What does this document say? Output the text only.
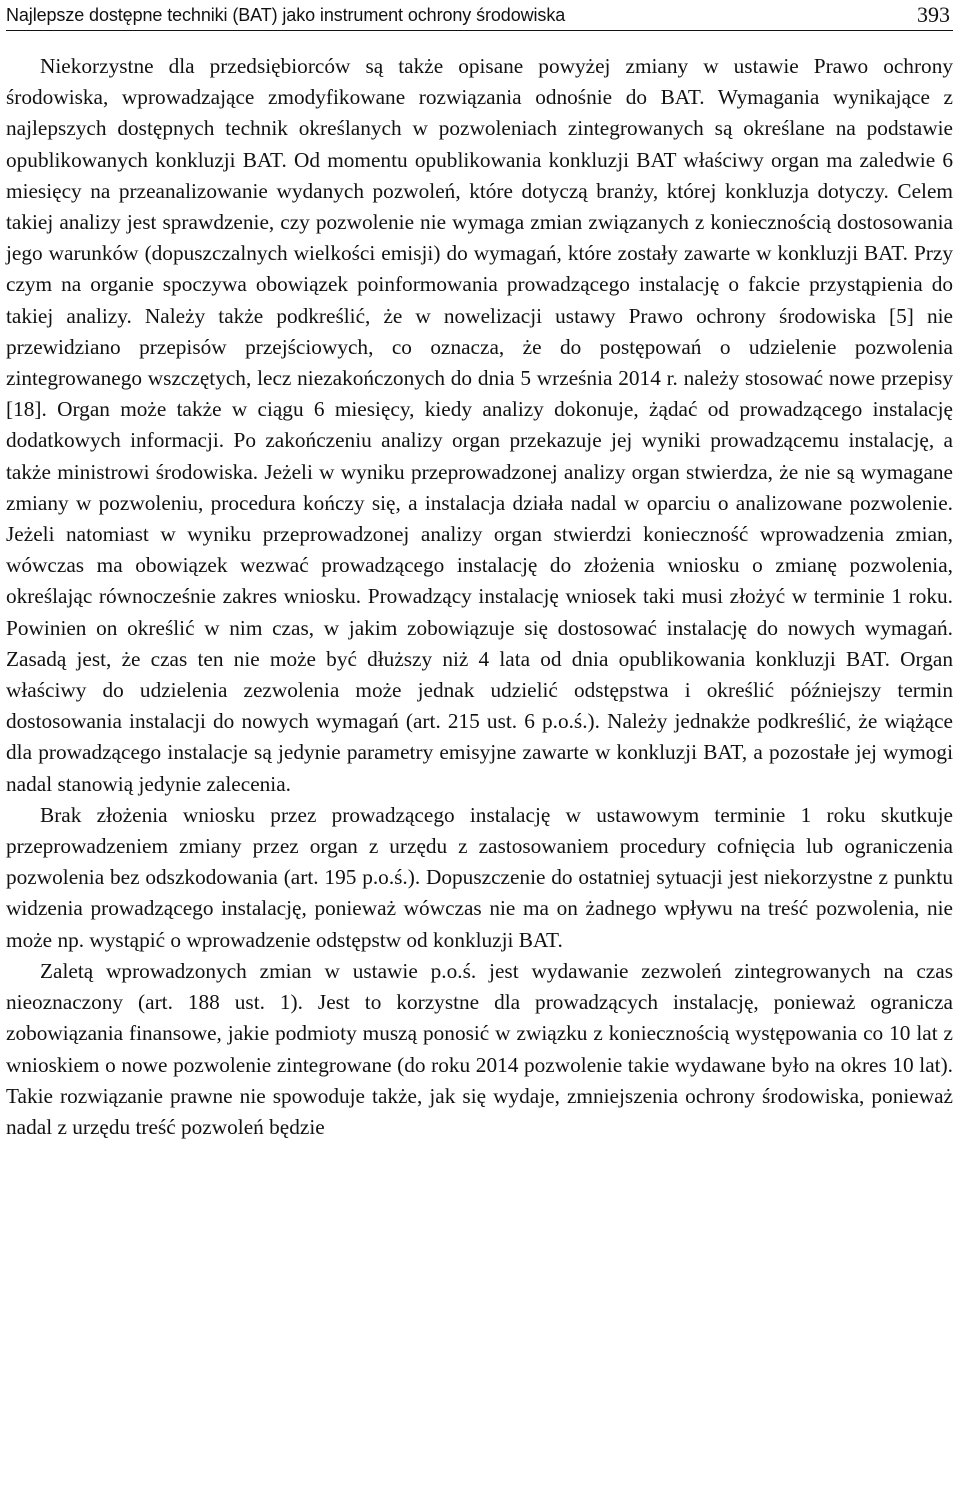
Najlepsze dostępne techniki (BAT) jako instrument ochrony środowiska	393

Niekorzystne dla przedsiębiorców są także opisane powyżej zmiany w ustawie Prawo ochrony środowiska, wprowadzające zmodyfikowane rozwiązania odnośnie do BAT. Wymagania wynikające z najlepszych dostępnych technik określanych w pozwoleniach zintegrowanych są określane na podstawie opublikowanych konkluzji BAT. Od momentu opublikowania konkluzji BAT właściwy organ ma zaledwie 6 miesięcy na przeanalizowanie wydanych pozwoleń, które dotyczą branży, której konkluzja dotyczy. Celem takiej analizy jest sprawdzenie, czy pozwolenie nie wymaga zmian związanych z koniecznością dostosowania jego warunków (dopuszczalnych wielkości emisji) do wymagań, które zostały zawarte w konkluzji BAT. Przy czym na organie spoczywa obowiązek poinformowania prowadzącego instalację o fakcie przystąpienia do takiej analizy. Należy także podkreślić, że w nowelizacji ustawy Prawo ochrony środowiska [5] nie przewidziano przepisów przejściowych, co oznacza, że do postępowań o udzielenie pozwolenia zintegrowanego wszczętych, lecz niezakończonych do dnia 5 września 2014 r. należy stosować nowe przepisy [18]. Organ może także w ciągu 6 miesięcy, kiedy analizy dokonuje, żądać od prowadzącego instalację dodatkowych informacji. Po zakończeniu analizy organ przekazuje jej wyniki prowadzącemu instalację, a także ministrowi środowiska. Jeżeli w wyniku przeprowadzonej analizy organ stwierdza, że nie są wymagane zmiany w pozwoleniu, procedura kończy się, a instalacja działa nadal w oparciu o analizowane pozwolenie. Jeżeli natomiast w wyniku przeprowadzonej analizy organ stwierdzi konieczność wprowadzenia zmian, wówczas ma obowiązek wezwać prowadzącego instalację do złożenia wniosku o zmianę pozwolenia, określając równocześnie zakres wniosku. Prowadzący instalację wniosek taki musi złożyć w terminie 1 roku. Powinien on określić w nim czas, w jakim zobowiązuje się dostosować instalację do nowych wymagań. Zasadą jest, że czas ten nie może być dłuższy niż 4 lata od dnia opublikowania konkluzji BAT. Organ właściwy do udzielenia zezwolenia może jednak udzielić odstępstwa i określić późniejszy termin dostosowania instalacji do nowych wymagań (art. 215 ust. 6 p.o.ś.). Należy jednakże podkreślić, że wiążące dla prowadzącego instalacje są jedynie parametry emisyjne zawarte w konkluzji BAT, a pozostałe jej wymogi nadal stanowią jedynie zalecenia.

Brak złożenia wniosku przez prowadzącego instalację w ustawowym terminie 1 roku skutkuje przeprowadzeniem zmiany przez organ z urzędu z zastosowaniem procedury cofnięcia lub ograniczenia pozwolenia bez odszkodowania (art. 195 p.o.ś.). Dopuszczenie do ostatniej sytuacji jest niekorzystne z punktu widzenia prowadzącego instalację, ponieważ wówczas nie ma on żadnego wpływu na treść pozwolenia, nie może np. wystąpić o wprowadzenie odstępstw od konkluzji BAT.

Zaletą wprowadzonych zmian w ustawie p.o.ś. jest wydawanie zezwoleń zintegrowanych na czas nieoznaczony (art. 188 ust. 1). Jest to korzystne dla prowadzących instalację, ponieważ ogranicza zobowiązania finansowe, jakie podmioty muszą ponosić w związku z koniecznością występowania co 10 lat z wnioskiem o nowe pozwolenie zintegrowane (do roku 2014 pozwolenie takie wydawane było na okres 10 lat). Takie rozwiązanie prawne nie spowoduje także, jak się wydaje, zmniejszenia ochrony środowiska, ponieważ nadal z urzędu treść pozwoleń będzie
